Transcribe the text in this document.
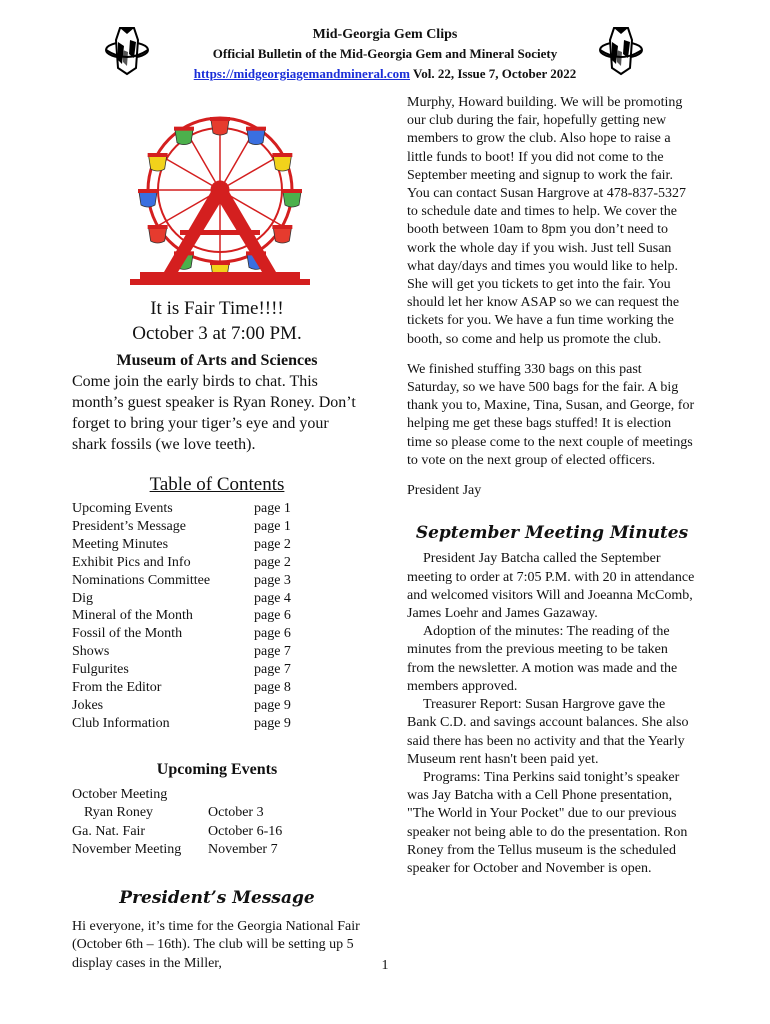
Mid-Georgia Gem Clips
Official Bulletin of the Mid-Georgia Gem and Mineral Society
https://midgeorgiagemandmineral.com Vol. 22, Issue 7, October 2022
It is Fair Time!!!!
October 3 at 7:00 PM.
Museum of Arts and Sciences
Come join the early birds to chat. This month’s guest speaker is Ryan Roney. Don’t forget to bring your tiger’s eye and your shark fossils (we love teeth).
Table of Contents
Upcoming Events	page 1
President’s Message	page 1
Meeting Minutes	page 2
Exhibit Pics and Info	page 2
Nominations Committee	page 3
Dig	page 4
Mineral of the Month	page 6
Fossil of the Month	page 6
Shows	page 7
Fulgurites	page 7
From the Editor	page 8
Jokes	page 9
Club Information	page 9
Upcoming Events
October Meeting
Ryan Roney	October 3
Ga. Nat. Fair	October 6-16
November Meeting	November 7
President’s Message
Hi everyone, it’s time for the Georgia National Fair (October 6th – 16th). The club will be setting up 5 display cases in the Miller,

Murphy, Howard building. We will be promoting our club during the fair, hopefully getting new members to grow the club. Also hope to raise a little funds to boot! If you did not come to the September meeting and signup to work the fair. You can contact Susan Hargrove at 478-837-5327 to schedule date and times to help. We cover the booth between 10am to 8pm you don’t need to work the whole day if you wish. Just tell Susan what day/days and times you would like to help. She will get you tickets to get into the fair. You should let her know ASAP so we can request the tickets for you. We have a fun time working the booth, so come and help us promote the club.

We finished stuffing 330 bags on this past Saturday, so we have 500 bags for the fair. A big thank you to, Maxine, Tina, Susan, and George, for helping me get these bags stuffed! It is election time so please come to the next couple of meetings to vote on the next group of elected officers.

President Jay

September Meeting Minutes

President Jay Batcha called the September meeting to order at 7:05 P.M. with 20 in attendance and welcomed visitors Will and Joeanna McComb, James Loehr and James Gazaway.

Adoption of the minutes: The reading of the minutes from the previous meeting to be taken from the newsletter. A motion was made and the members approved.

Treasurer Report: Susan Hargrove gave the Bank C.D. and savings account balances. She also said there has been no activity and that the Yearly Museum rent hasn't been paid yet.

Programs: Tina Perkins said tonight’s speaker was Jay Batcha with a Cell Phone presentation, "The World in Your Pocket" due to our previous speaker not being able to do the presentation. Ron Roney from the Tellus museum is the scheduled speaker for October and November is open.

1
